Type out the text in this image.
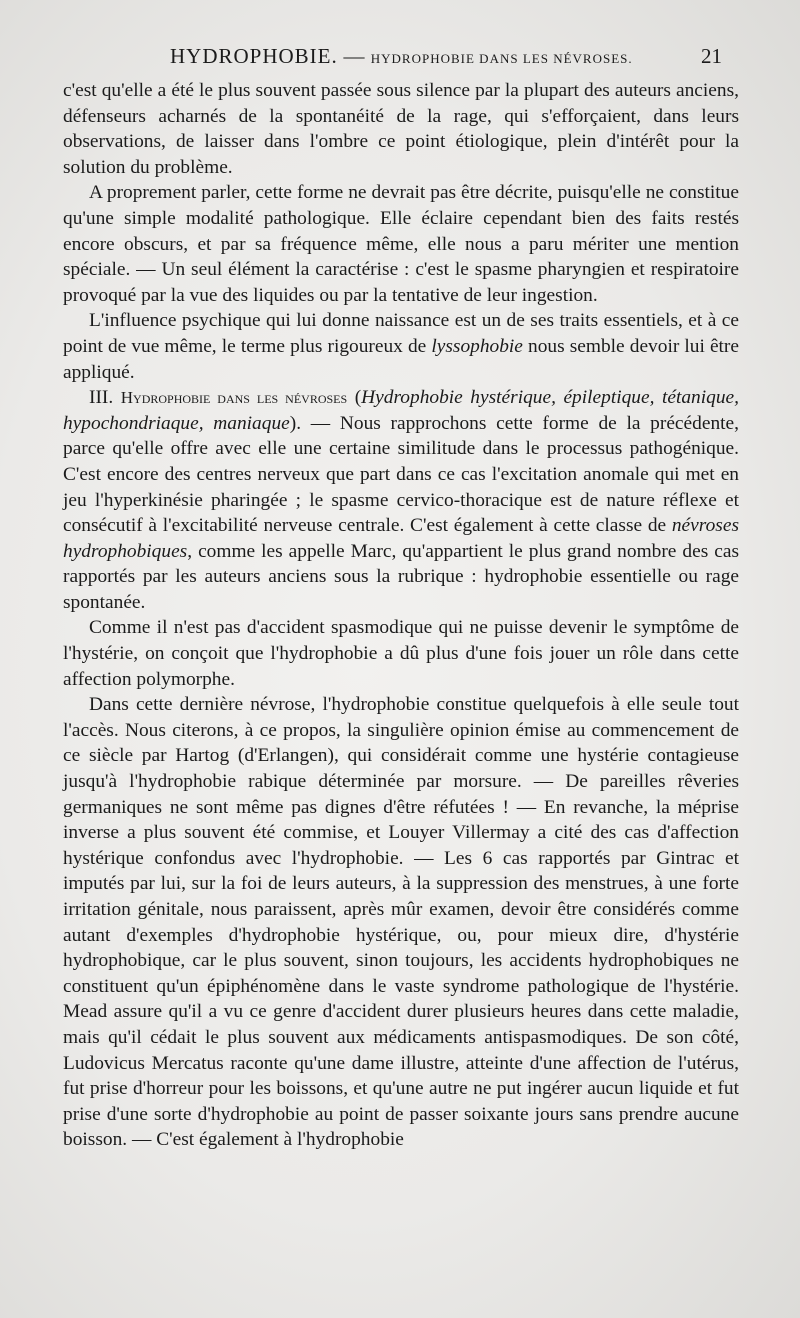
HYDROPHOBIE. — HYDROPHOBIE DANS LES NÉVROSES.	21

c'est qu'elle a été le plus souvent passée sous silence par la plupart des auteurs anciens, défenseurs acharnés de la spontanéité de la rage, qui s'efforçaient, dans leurs observations, de laisser dans l'ombre ce point étiologique, plein d'intérêt pour la solution du problème.

A proprement parler, cette forme ne devrait pas être décrite, puisqu'elle ne constitue qu'une simple modalité pathologique. Elle éclaire cependant bien des faits restés encore obscurs, et par sa fréquence même, elle nous a paru mériter une mention spéciale. — Un seul élément la caractérise : c'est le spasme pharyngien et respiratoire provoqué par la vue des liquides ou par la tentative de leur ingestion.

L'influence psychique qui lui donne naissance est un de ses traits essentiels, et à ce point de vue même, le terme plus rigoureux de lyssophobie nous semble devoir lui être appliqué.

III. Hydrophobie dans les névroses (Hydrophobie hystérique, épileptique, tétanique, hypochondriaque, maniaque). — Nous rapprochons cette forme de la précédente, parce qu'elle offre avec elle une certaine similitude dans le processus pathogénique. C'est encore des centres nerveux que part dans ce cas l'excitation anomale qui met en jeu l'hyperkinésie pharingée ; le spasme cervico-thoracique est de nature réflexe et consécutif à l'excitabilité nerveuse centrale. C'est également à cette classe de névroses hydrophobiques, comme les appelle Marc, qu'appartient le plus grand nombre des cas rapportés par les auteurs anciens sous la rubrique : hydrophobie essentielle ou rage spontanée.

Comme il n'est pas d'accident spasmodique qui ne puisse devenir le symptôme de l'hystérie, on conçoit que l'hydrophobie a dû plus d'une fois jouer un rôle dans cette affection polymorphe.

Dans cette dernière névrose, l'hydrophobie constitue quelquefois à elle seule tout l'accès. Nous citerons, à ce propos, la singulière opinion émise au commencement de ce siècle par Hartog (d'Erlangen), qui considérait comme une hystérie contagieuse jusqu'à l'hydrophobie rabique déterminée par morsure. — De pareilles rêveries germaniques ne sont même pas dignes d'être réfutées ! — En revanche, la méprise inverse a plus souvent été commise, et Louyer Villermay a cité des cas d'affection hystérique confondus avec l'hydrophobie. — Les 6 cas rapportés par Gintrac et imputés par lui, sur la foi de leurs auteurs, à la suppression des menstrues, à une forte irritation génitale, nous paraissent, après mûr examen, devoir être considérés comme autant d'exemples d'hydrophobie hystérique, ou, pour mieux dire, d'hystérie hydrophobique, car le plus souvent, sinon toujours, les accidents hydrophobiques ne constituent qu'un épiphénomène dans le vaste syndrome pathologique de l'hystérie. Mead assure qu'il a vu ce genre d'accident durer plusieurs heures dans cette maladie, mais qu'il cédait le plus souvent aux médicaments antispasmodiques. De son côté, Ludovicus Mercatus raconte qu'une dame illustre, atteinte d'une affection de l'utérus, fut prise d'horreur pour les boissons, et qu'une autre ne put ingérer aucun liquide et fut prise d'une sorte d'hydrophobie au point de passer soixante jours sans prendre aucune boisson. — C'est également à l'hydrophobie
